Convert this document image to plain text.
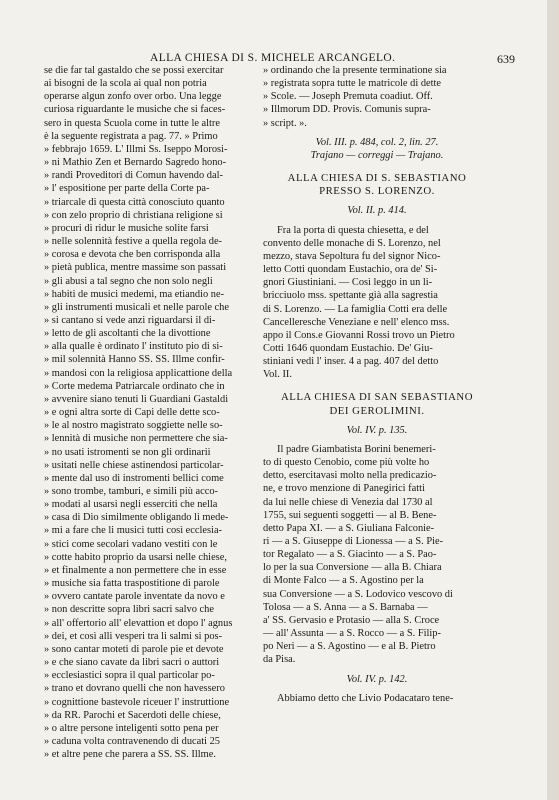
ALLA CHIESA DI S. MICHELE ARCANGELO.	639
se die far tal gastaldo che se possi exercitar
ai bisogni de la scola ai qual non potria
operarse algun zonfo over orbo. Una legge
curiosa riguardante le musiche che si faces-
sero in questa Scuola come in tutte le altre
è la seguente registrata a pag. 77. » Primo
» febbrajo 1659. L' Illmi Ss. Iseppo Morosi-
» ni Mathio Zen et Bernardo Sagredo hono-
» randi Proveditori di Comun havendo dal-
» l' espositione per parte della Corte pa-
» triarcale di questa città conosciuto quanto
» con zelo proprio di christiana religione si
» procuri di ridur le musiche solite farsi
» nelle solennità festive a quella regola de-
» corosa e devota che ben corrisponda alla
» pietà publica, mentre massime son passati
» gli abusi a tal segno che non solo negli
» habiti de musici medemi, ma etiandio ne-
» gli instrumenti musicali et nelle parole che
» si cantano si vede anzi riguardarsi il di-
» letto de gli ascoltanti che la divottione
» alla qualle è ordinato l' instituto pio di si-
» mil solennità Hanno SS. SS. Illme confir-
» mandosi con la religiosa applicattione della
» Corte medema Patriarcale ordinato che in
» avvenire siano tenuti li Guardiani Gastaldi
» e ogni altra sorte di Capi delle dette sco-
» le al nostro magistrato soggiette nelle so-
» lennità di musiche non permettere che sia-
» no usati istromenti se non gli ordinarii
» usitati nelle chiese astinendosi particolar-
» mente dal uso di instromenti bellici come
» sono trombe, tamburi, e simili più acco-
» modati al usarsi negli esserciti che nella
» casa di Dio similmente obligando li mede-
» mi a fare che li musici tutti così ecclesia-
» stici come secolari vadano vestiti con le
» cotte habito proprio da usarsi nelle chiese,
» et finalmente a non permettere che in esse
» musiche sia fatta traspostitione di parole
» ovvero cantate parole inventate da novo e
» non descritte sopra libri sacri salvo che
» all' offertorio all' elevattion et dopo l' agnus
» dei, et così alli vesperi tra li salmi si pos-
» sono cantar moteti di parole pie et devote
» e che siano cavate da libri sacri o auttori
» ecclesiastici sopra il qual particolar po-
» trano et dovrano quelli che non havessero
» cognittione bastevole riceuer l' instruttione
» da RR. Parochi et Sacerdoti delle chiese,
» o altre persone inteligenti sotto pena per
» caduna volta contravenendo di ducati 25
» et altre pene che parera a SS. SS. Illme.
» ordinando che la presente terminatione sia
» registrata sopra tutte le matricole di dette
» Scole. — Joseph Premuta coadiut. Off.
» Illmorum DD. Provis. Comunis supra-
» script. ».
Vol. III. p. 484, col. 2, lin. 27.
Trajano — correggi — Trajano.
ALLA CHIESA DI S. SEBASTIANO
PRESSO S. LORENZO.
Vol. II. p. 414.
Fra la porta di questa chiesetta, e del
convento delle monache di S. Lorenzo, nel
mezzo, stava Sepoltura fu del signor Nico-
letto Cotti quondam Eustachio, ora de' Si-
gnori Giustiniani. — Così leggo in un li-
bricciuolo mss. spettante già alla sagrestia
di S. Lorenzo. — La famiglia Cotti era delle
Cancelleresche Veneziane e nell' elenco mss.
appo il Cons.e Giovanni Rossi trovo un Pietro
Cotti 1646 quondam Eustachio. De' Giu-
stiniani vedi l' inser. 4 a pag. 407 del detto
Vol. II.
ALLA CHIESA DI SAN SEBASTIANO
DEI GEROLIMINI.
Vol. IV. p. 135.
Il padre Giambatista Borini benemeri-
to di questo Cenobio, come più volte ho
detto, esercitavasi molto nella predicazio-
ne, e trovo menzione di Panegirici fatti
da lui nelle chiese di Venezia dal 1730 al
1755, sui seguenti soggetti — al B. Bene-
detto Papa XI. — a S. Giuliana Falconie-
ri — a S. Giuseppe di Lionessa — a S. Pie-
tor Regalato — a S. Giacinto — a S. Pao-
lo per la sua Conversione — alla B. Chiara
di Monte Falco — a S. Agostino per la
sua Conversione — a S. Lodovico vescovo di
Tolosa — a S. Anna — a S. Barnaba —
a' SS. Gervasio e Protasio — alla S. Croce
— all' Assunta — a S. Rocco — a S. Filip-
po Neri — a S. Agostino — e al B. Pietro
da Pisa.
Vol. IV. p. 142.
Abbiamo detto che Livio Podacataro tene-
